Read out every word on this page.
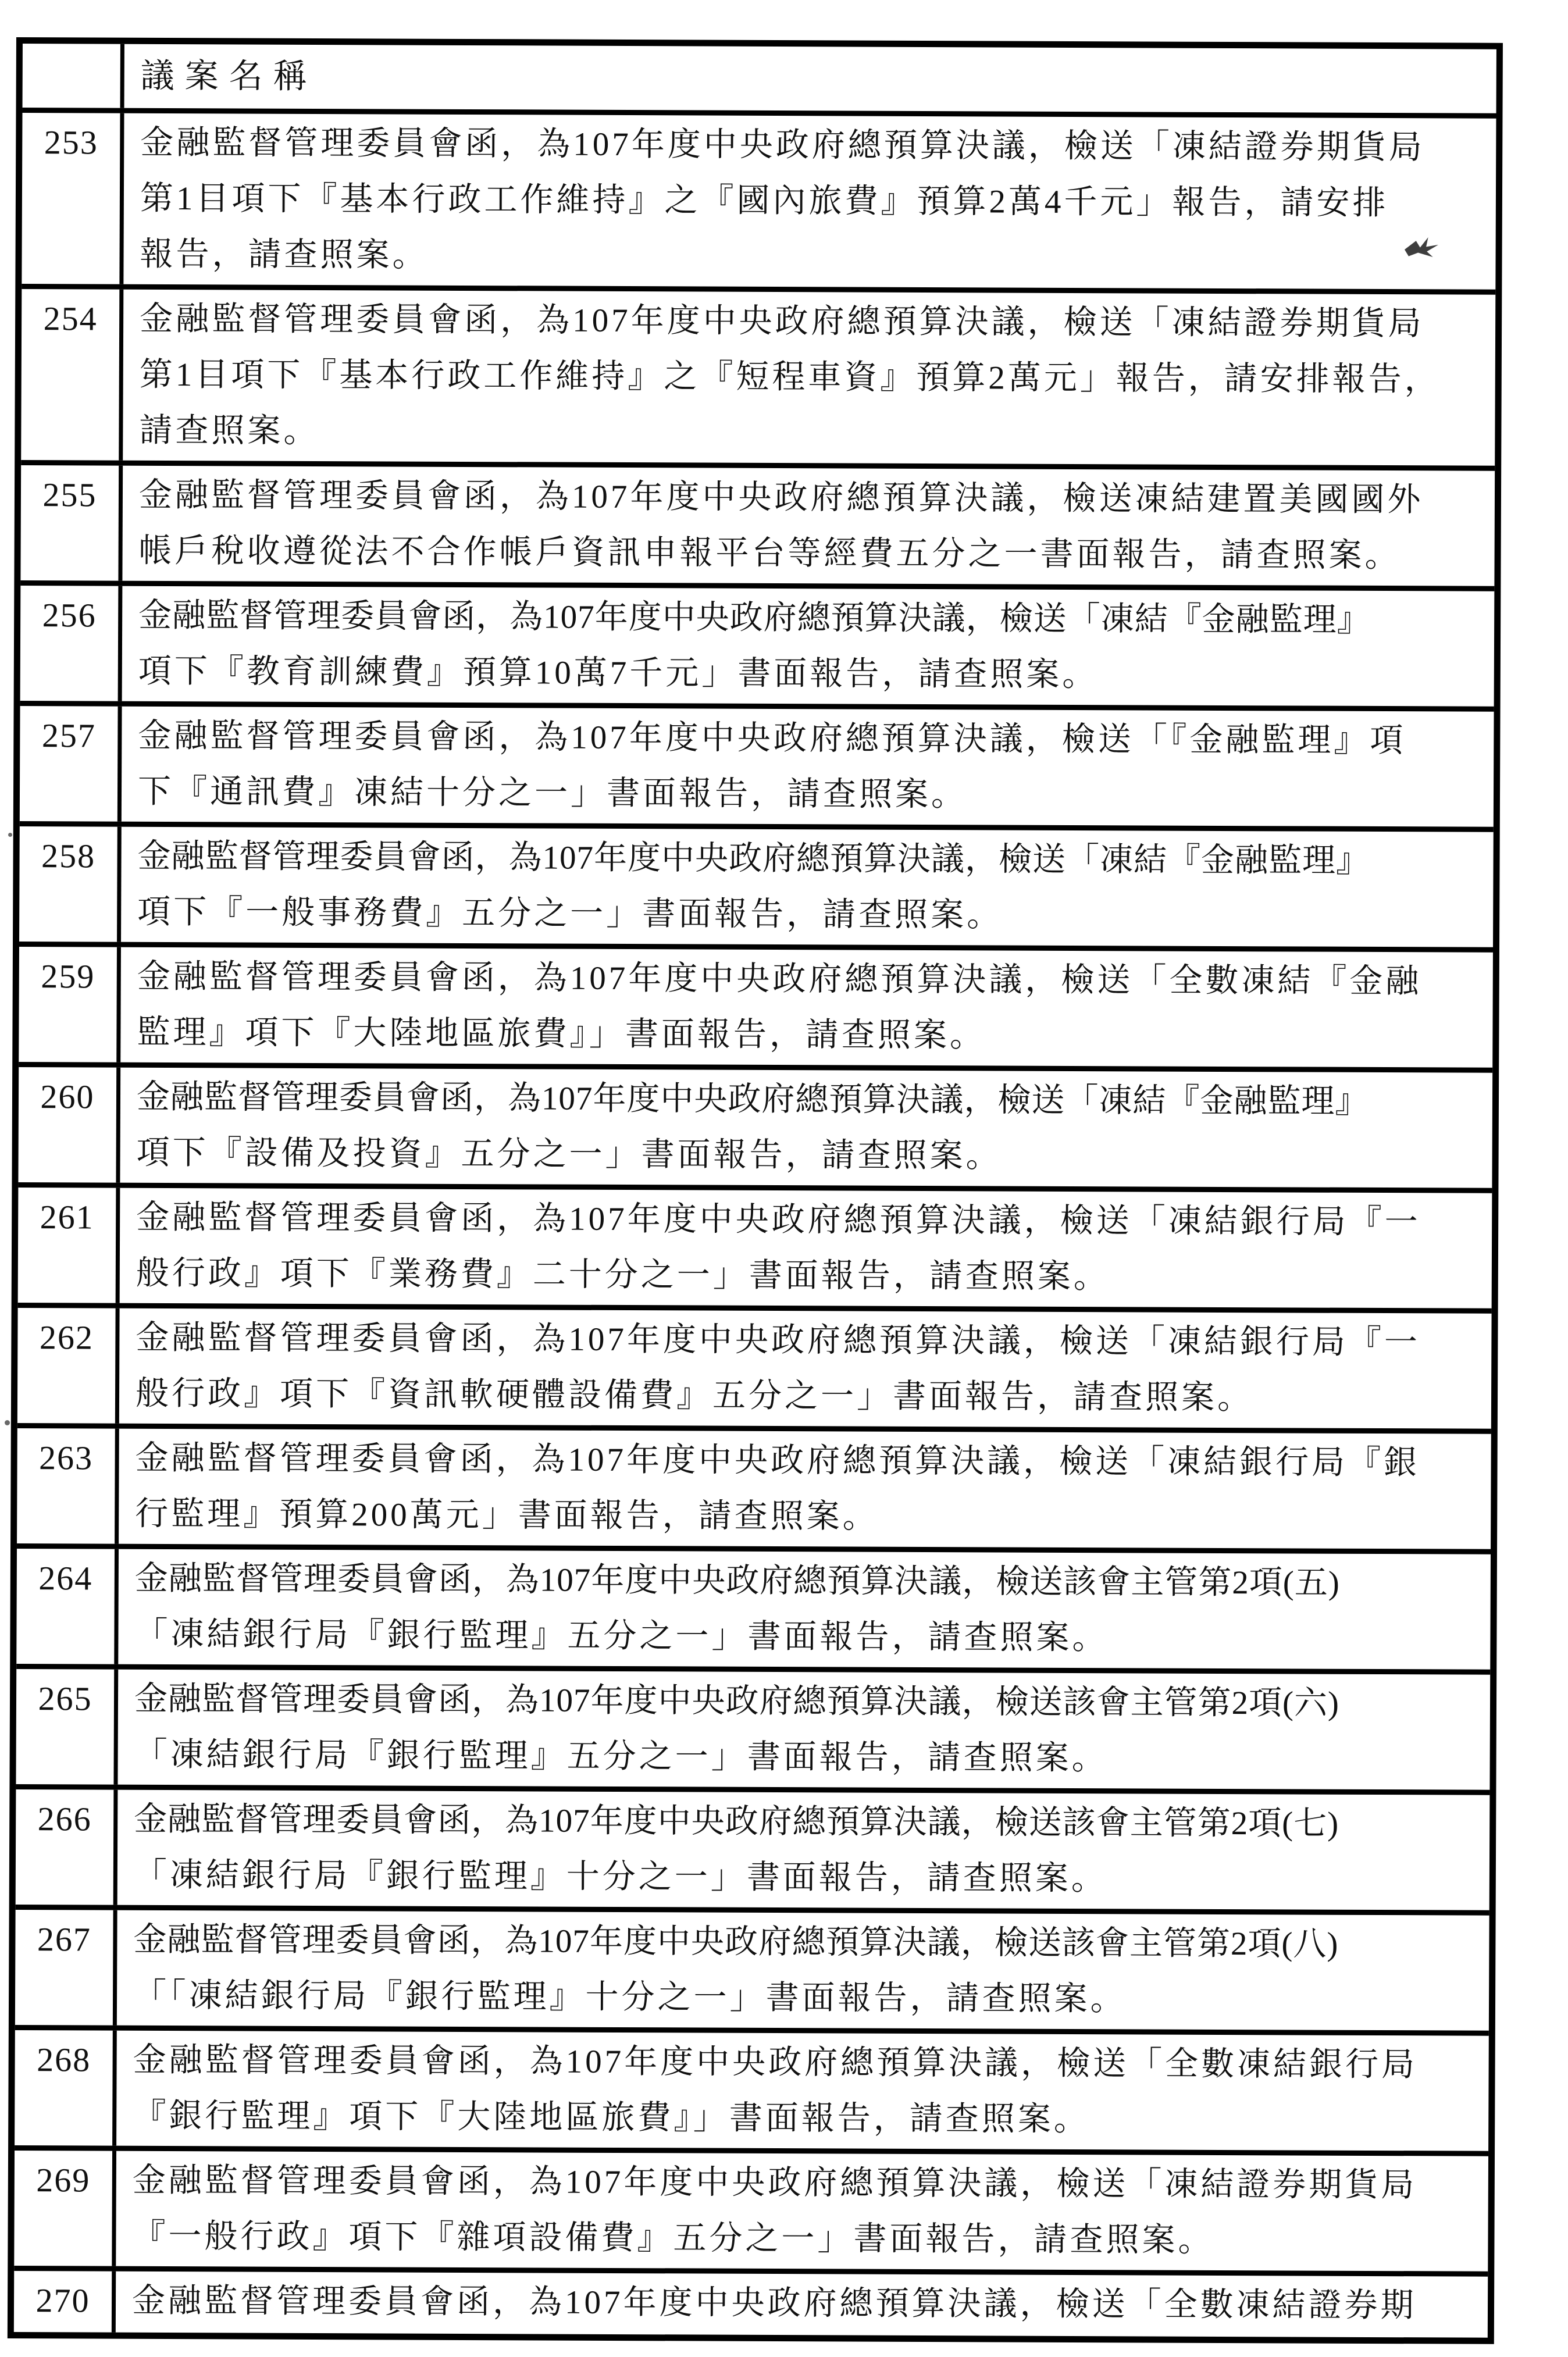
議案名稱
253	金融監督管理委員會函，為107年度中央政府總預算決議，檢送「凍結證券期貨局
第1目項下『基本行政工作維持』之『國內旅費』預算2萬4千元」報告，請安排
報告，請查照案。
254	金融監督管理委員會函，為107年度中央政府總預算決議，檢送「凍結證券期貨局
第1目項下『基本行政工作維持』之『短程車資』預算2萬元」報告，請安排報告，
請查照案。
255	金融監督管理委員會函，為107年度中央政府總預算決議，檢送凍結建置美國國外
帳戶稅收遵從法不合作帳戶資訊申報平台等經費五分之一書面報告，請查照案。
256	金融監督管理委員會函，為107年度中央政府總預算決議，檢送「凍結『金融監理』
項下『教育訓練費』預算10萬7千元」書面報告，請查照案。
257	金融監督管理委員會函，為107年度中央政府總預算決議，檢送「『金融監理』項
下『通訊費』凍結十分之一」書面報告，請查照案。
258	金融監督管理委員會函，為107年度中央政府總預算決議，檢送「凍結『金融監理』
項下『一般事務費』五分之一」書面報告，請查照案。
259	金融監督管理委員會函，為107年度中央政府總預算決議，檢送「全數凍結『金融
監理』項下『大陸地區旅費』」書面報告，請查照案。
260	金融監督管理委員會函，為107年度中央政府總預算決議，檢送「凍結『金融監理』
項下『設備及投資』五分之一」書面報告，請查照案。
261	金融監督管理委員會函，為107年度中央政府總預算決議，檢送「凍結銀行局『一
般行政』項下『業務費』二十分之一」書面報告，請查照案。
262	金融監督管理委員會函，為107年度中央政府總預算決議，檢送「凍結銀行局『一
般行政』項下『資訊軟硬體設備費』五分之一」書面報告，請查照案。
263	金融監督管理委員會函，為107年度中央政府總預算決議，檢送「凍結銀行局『銀
行監理』預算200萬元」書面報告，請查照案。
264	金融監督管理委員會函，為107年度中央政府總預算決議，檢送該會主管第2項(五)
「凍結銀行局『銀行監理』五分之一」書面報告，請查照案。
265	金融監督管理委員會函，為107年度中央政府總預算決議，檢送該會主管第2項(六)
「凍結銀行局『銀行監理』五分之一」書面報告，請查照案。
266	金融監督管理委員會函，為107年度中央政府總預算決議，檢送該會主管第2項(七)
「凍結銀行局『銀行監理』十分之一」書面報告，請查照案。
267	金融監督管理委員會函，為107年度中央政府總預算決議，檢送該會主管第2項(八)
「「凍結銀行局『銀行監理』十分之一」書面報告，請查照案。
268	金融監督管理委員會函，為107年度中央政府總預算決議，檢送「全數凍結銀行局
『銀行監理』項下『大陸地區旅費』」書面報告，請查照案。
269	金融監督管理委員會函，為107年度中央政府總預算決議，檢送「凍結證券期貨局
『一般行政』項下『雜項設備費』五分之一」書面報告，請查照案。
270	金融監督管理委員會函，為107年度中央政府總預算決議，檢送「全數凍結證券期
